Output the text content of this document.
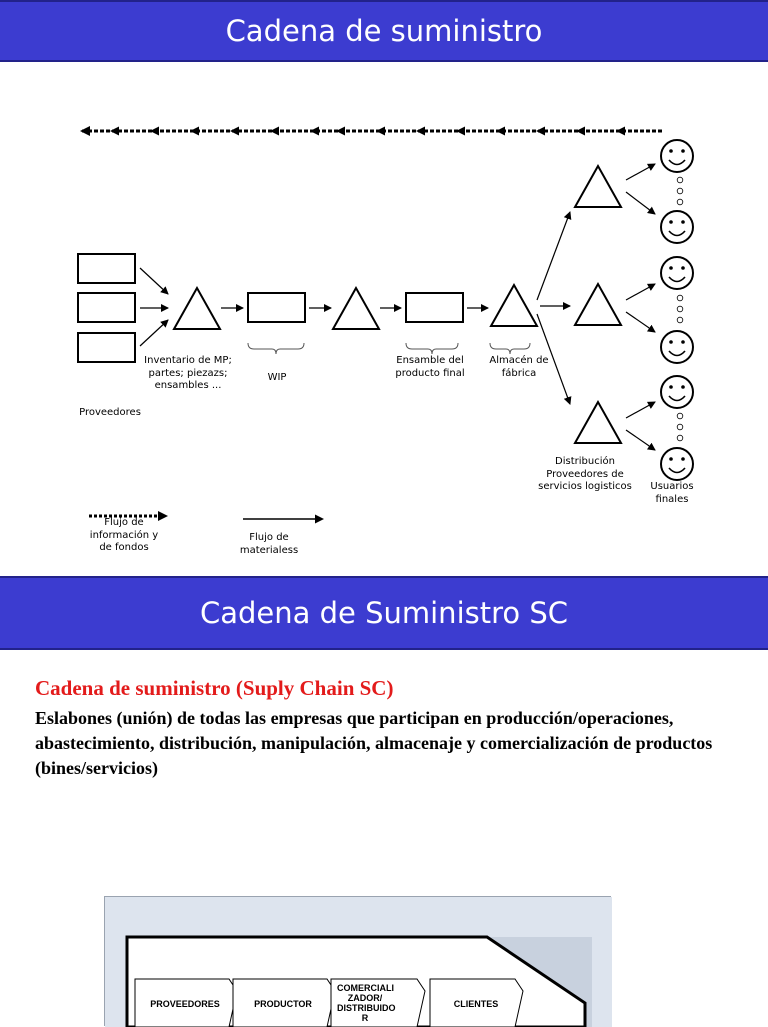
Cadena de suministro
Inventario de MP; partes; piezazs; ensambles ...
WIP
Ensamble del producto final
Almacén de fábrica
Proveedores
Distribución Proveedores de servicios logisticos	Usuarios finales
Flujo de información y de fondos
Flujo de materialess
Cadena de Suministro SC
Cadena de suministro (Suply Chain SC)
Eslabones (unión) de todas las empresas que participan en producción/operaciones, abastecimiento, distribución, manipulación, almacenaje y comercialización de productos (bines/servicios)
PROVEEDORES	PRODUCTOR
COMERCIALI ZADOR/ DISTRIBUIDO R
CLIENTES
